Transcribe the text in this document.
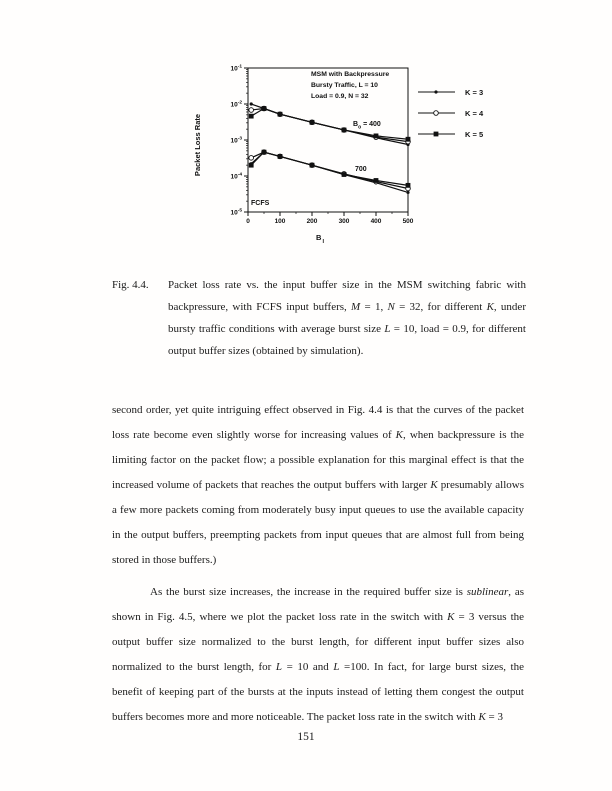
$10^{-1}$
$10^{-2}$
$10^{-3}$
$10^{-4}$
$10^{-5}$
0	100	200	300	400	500
Packet Loss Rate
$B_I$
MSM with Backpressure
Bursty Traffic, L = 10
Load = 0.9, N = 32
$B_o = 400$
700
FCFS
K = 3
K = 4
K = 5
Fig. 4.4.	Packet loss rate vs. the input buffer size in the MSM switching fabric with backpressure, with FCFS input buffers, M = 1, N = 32, for different K, under bursty traffic conditions with average burst size L = 10, load = 0.9, for different output buffer sizes (obtained by simulation).

second order, yet quite intriguing effect observed in Fig. 4.4 is that the curves of the packet loss rate become even slightly worse for increasing values of K, when backpressure is the limiting factor on the packet flow; a possible explanation for this marginal effect is that the increased volume of packets that reaches the output buffers with larger K presumably allows a few more packets coming from moderately busy input queues to use the available capacity in the output buffers, preempting packets from input queues that are almost full from being stored in those buffers.)

As the burst size increases, the increase in the required buffer size is sublinear, as shown in Fig. 4.5, where we plot the packet loss rate in the switch with K = 3 versus the output buffer size normalized to the burst length, for different input buffer sizes also normalized to the burst length, for L = 10 and L =100. In fact, for large burst sizes, the benefit of keeping part of the bursts at the inputs instead of letting them congest the output buffers becomes more and more noticeable. The packet loss rate in the switch with K = 3

151
